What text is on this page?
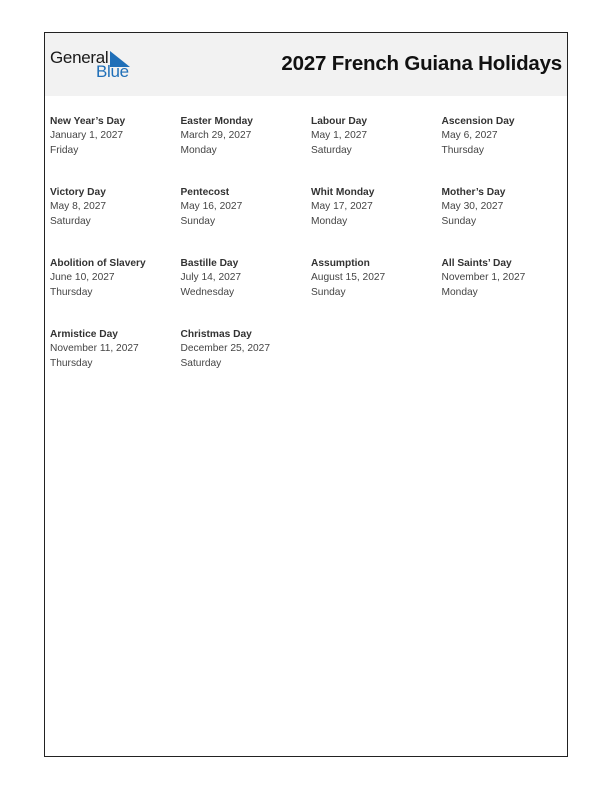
General
Blue	2027 French Guiana Holidays
New Year’s Day
January 1, 2027
Friday
Easter Monday
March 29, 2027
Monday
Labour Day
May 1, 2027
Saturday
Ascension Day
May 6, 2027
Thursday
Victory Day
May 8, 2027
Saturday
Pentecost
May 16, 2027
Sunday
Whit Monday
May 17, 2027
Monday
Mother’s Day
May 30, 2027
Sunday
Abolition of Slavery
June 10, 2027
Thursday
Bastille Day
July 14, 2027
Wednesday
Assumption
August 15, 2027
Sunday
All Saints’ Day
November 1, 2027
Monday
Armistice Day
November 11, 2027
Thursday
Christmas Day
December 25, 2027
Saturday
